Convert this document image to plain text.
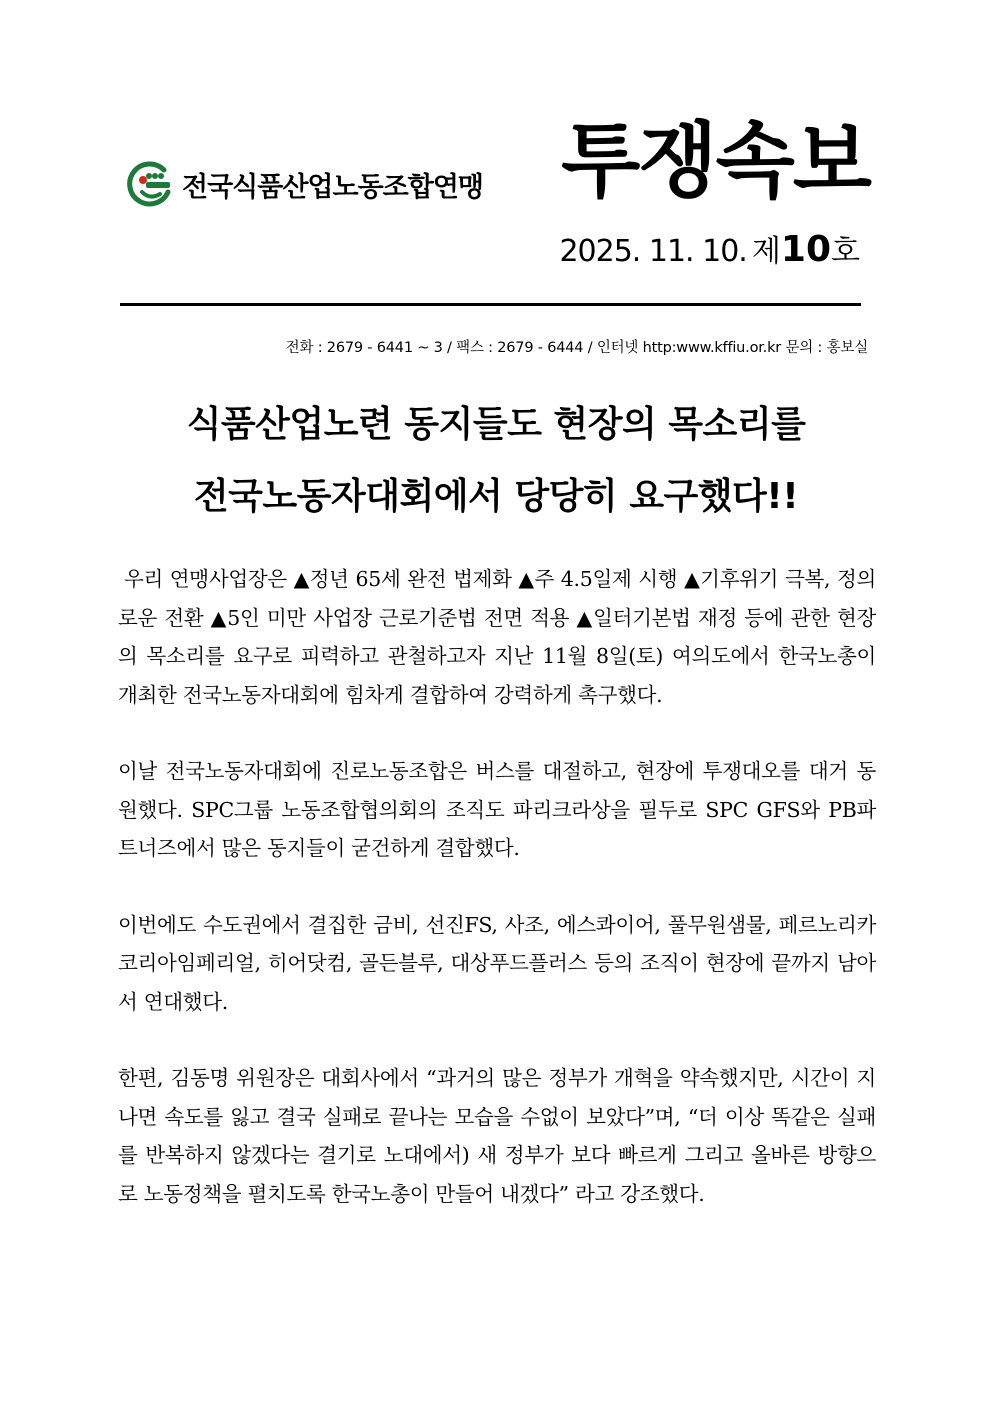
전국식품산업노동조합연맹 투쟁속보
2025. 11. 10. 제10호
전화 : 2679 - 6441 ~ 3 / 팩스 : 2679 - 6444 / 인터넷 http:www.kffiu.or.kr 문의 : 홍보실
식품산업노련 동지들도 현장의 목소리를
전국노동자대회에서 당당히 요구했다!!

우리 연맹사업장은 ▲정년 65세 완전 법제화 ▲주 4.5일제 시행 ▲기후위기 극복, 정의로운 전환 ▲5인 미만 사업장 근로기준법 전면 적용 ▲일터기본법 재정 등에 관한 현장의 목소리를 요구로 피력하고 관철하고자 지난 11월 8일(토) 여의도에서 한국노총이 개최한 전국노동자대회에 힘차게 결합하여 강력하게 촉구했다.

이날 전국노동자대회에 진로노동조합은 버스를 대절하고, 현장에 투쟁대오를 대거 동원했다. SPC그룹 노동조합협의회의 조직도 파리크라상을 필두로 SPC GFS와 PB파트너즈에서 많은 동지들이 굳건하게 결합했다.

이번에도 수도권에서 결집한 금비, 선진FS, 사조, 에스콰이어, 풀무원샘물, 페르노리카코리아임페리얼, 히어닷컴, 골든블루, 대상푸드플러스 등의 조직이 현장에 끝까지 남아서 연대했다.

한편, 김동명 위원장은 대회사에서 “과거의 많은 정부가 개혁을 약속했지만, 시간이 지나면 속도를 잃고 결국 실패로 끝나는 모습을 수없이 보았다”며, “더 이상 똑같은 실패를 반복하지 않겠다는 결기로 노대에서) 새 정부가 보다 빠르게 그리고 올바른 방향으로 노동정책을 펼치도록 한국노총이 만들어 내겠다” 라고 강조했다.
